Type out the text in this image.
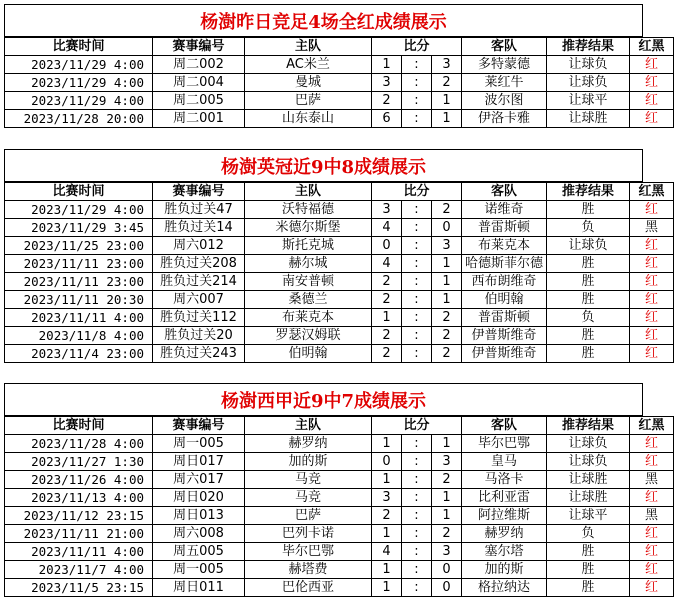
杨澍昨日竞足4场全红成绩展示
比赛时间	赛事编号	主队	比分			客队	推荐结果	红黑
2023/11/29 4:00	周二002	AC米兰	1	:	3	多特蒙德	让球负	红
2023/11/29 4:00	周二004	曼城	3	:	2	莱红牛	让球负	红
2023/11/29 4:00	周二005	巴萨	2	:	1	波尔图	让球平	红
2023/11/28 20:00	周二001	山东泰山	6	:	1	伊洛卡雅	让球胜	红
杨澍英冠近9中8成绩展示
比赛时间	赛事编号	主队	比分			客队	推荐结果	红黑
2023/11/29 4:00	胜负过关47	沃特福德	3	:	2	诺维奇	胜	红
2023/11/29 3:45	胜负过关14	米德尔斯堡	4	:	0	普雷斯顿	负	黑
2023/11/25 23:00	周六012	斯托克城	0	:	3	布莱克本	让球负	红
2023/11/11 23:00	胜负过关208	赫尔城	4	:	1	哈德斯菲尔德	胜	红
2023/11/11 23:00	胜负过关214	南安普顿	2	:	1	西布朗维奇	胜	红
2023/11/11 20:30	周六007	桑德兰	2	:	1	伯明翰	胜	红
2023/11/11 4:00	胜负过关112	布莱克本	1	:	2	普雷斯顿	负	红
2023/11/8 4:00	胜负过关20	罗瑟汉姆联	2	:	2	伊普斯维奇	胜	红
2023/11/4 23:00	胜负过关243	伯明翰	2	:	2	伊普斯维奇	胜	红
杨澍西甲近9中7成绩展示
比赛时间	赛事编号	主队	比分			客队	推荐结果	红黑
2023/11/28 4:00	周一005	赫罗纳	1	:	1	毕尔巴鄂	让球负	红
2023/11/27 1:30	周日017	加的斯	0	:	3	皇马	让球负	红
2023/11/26 4:00	周六017	马竞	1	:	2	马洛卡	让球胜	黑
2023/11/13 4:00	周日020	马竞	3	:	1	比利亚雷	让球胜	红
2023/11/12 23:15	周日013	巴萨	2	:	1	阿拉维斯	让球平	黑
2023/11/11 21:00	周六008	巴列卡诺	1	:	2	赫罗纳	负	红
2023/11/11 4:00	周五005	毕尔巴鄂	4	:	3	塞尔塔	胜	红
2023/11/7 4:00	周一005	赫塔费	1	:	0	加的斯	胜	红
2023/11/5 23:15	周日011	巴伦西亚	1	:	0	格拉纳达	胜	红
